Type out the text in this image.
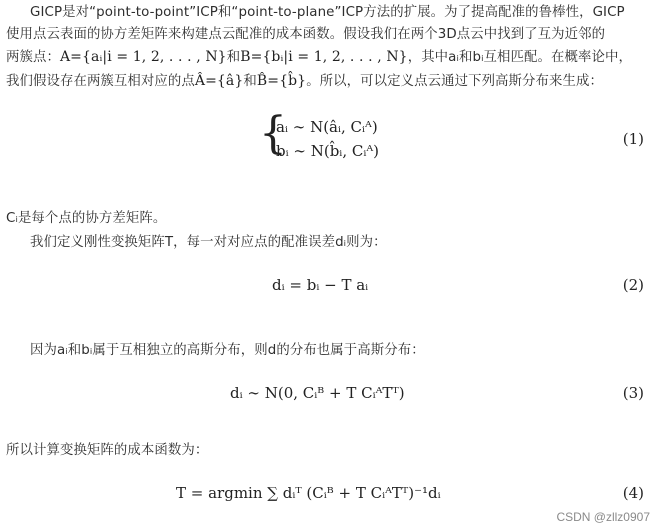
GICP是对“point-to-point”ICP和“point-to-plane”ICP方法的扩展。为了提高配准的鲁棒性，GICP
使用点云表面的协方差矩阵来构建点云配准的成本函数。假设我们在两个3D点云中找到了互为近邻的
两簇点：A={aᵢ|i = 1, 2, . . . , N}和B={bᵢ|i = 1, 2, . . . , N}，其中aᵢ和bᵢ互相匹配。在概率论中，
我们假设存在两簇互相对应的点Â={â}和B̂={b̂}。所以，可以定义点云通过下列高斯分布来生成：
{
aᵢ ∼ N(âᵢ, Cᵢᴬ)
bᵢ ∼ N(b̂ᵢ, Cᵢᴬ)
(1)
Cᵢ是每个点的协方差矩阵。
我们定义刚性变换矩阵T，每一对对应点的配准误差dᵢ则为：
dᵢ = bᵢ − T aᵢ	(2)
因为aᵢ和bᵢ属于互相独立的高斯分布，则d的分布也属于高斯分布：
dᵢ ∼ N(0, Cᵢᴮ + T CᵢᴬTᵀ)	(3)
所以计算变换矩阵的成本函数为：
T = argmin ∑ dᵢᵀ (Cᵢᴮ + T CᵢᴬTᵀ)⁻¹dᵢ	(4)
CSDN @zllz0907
